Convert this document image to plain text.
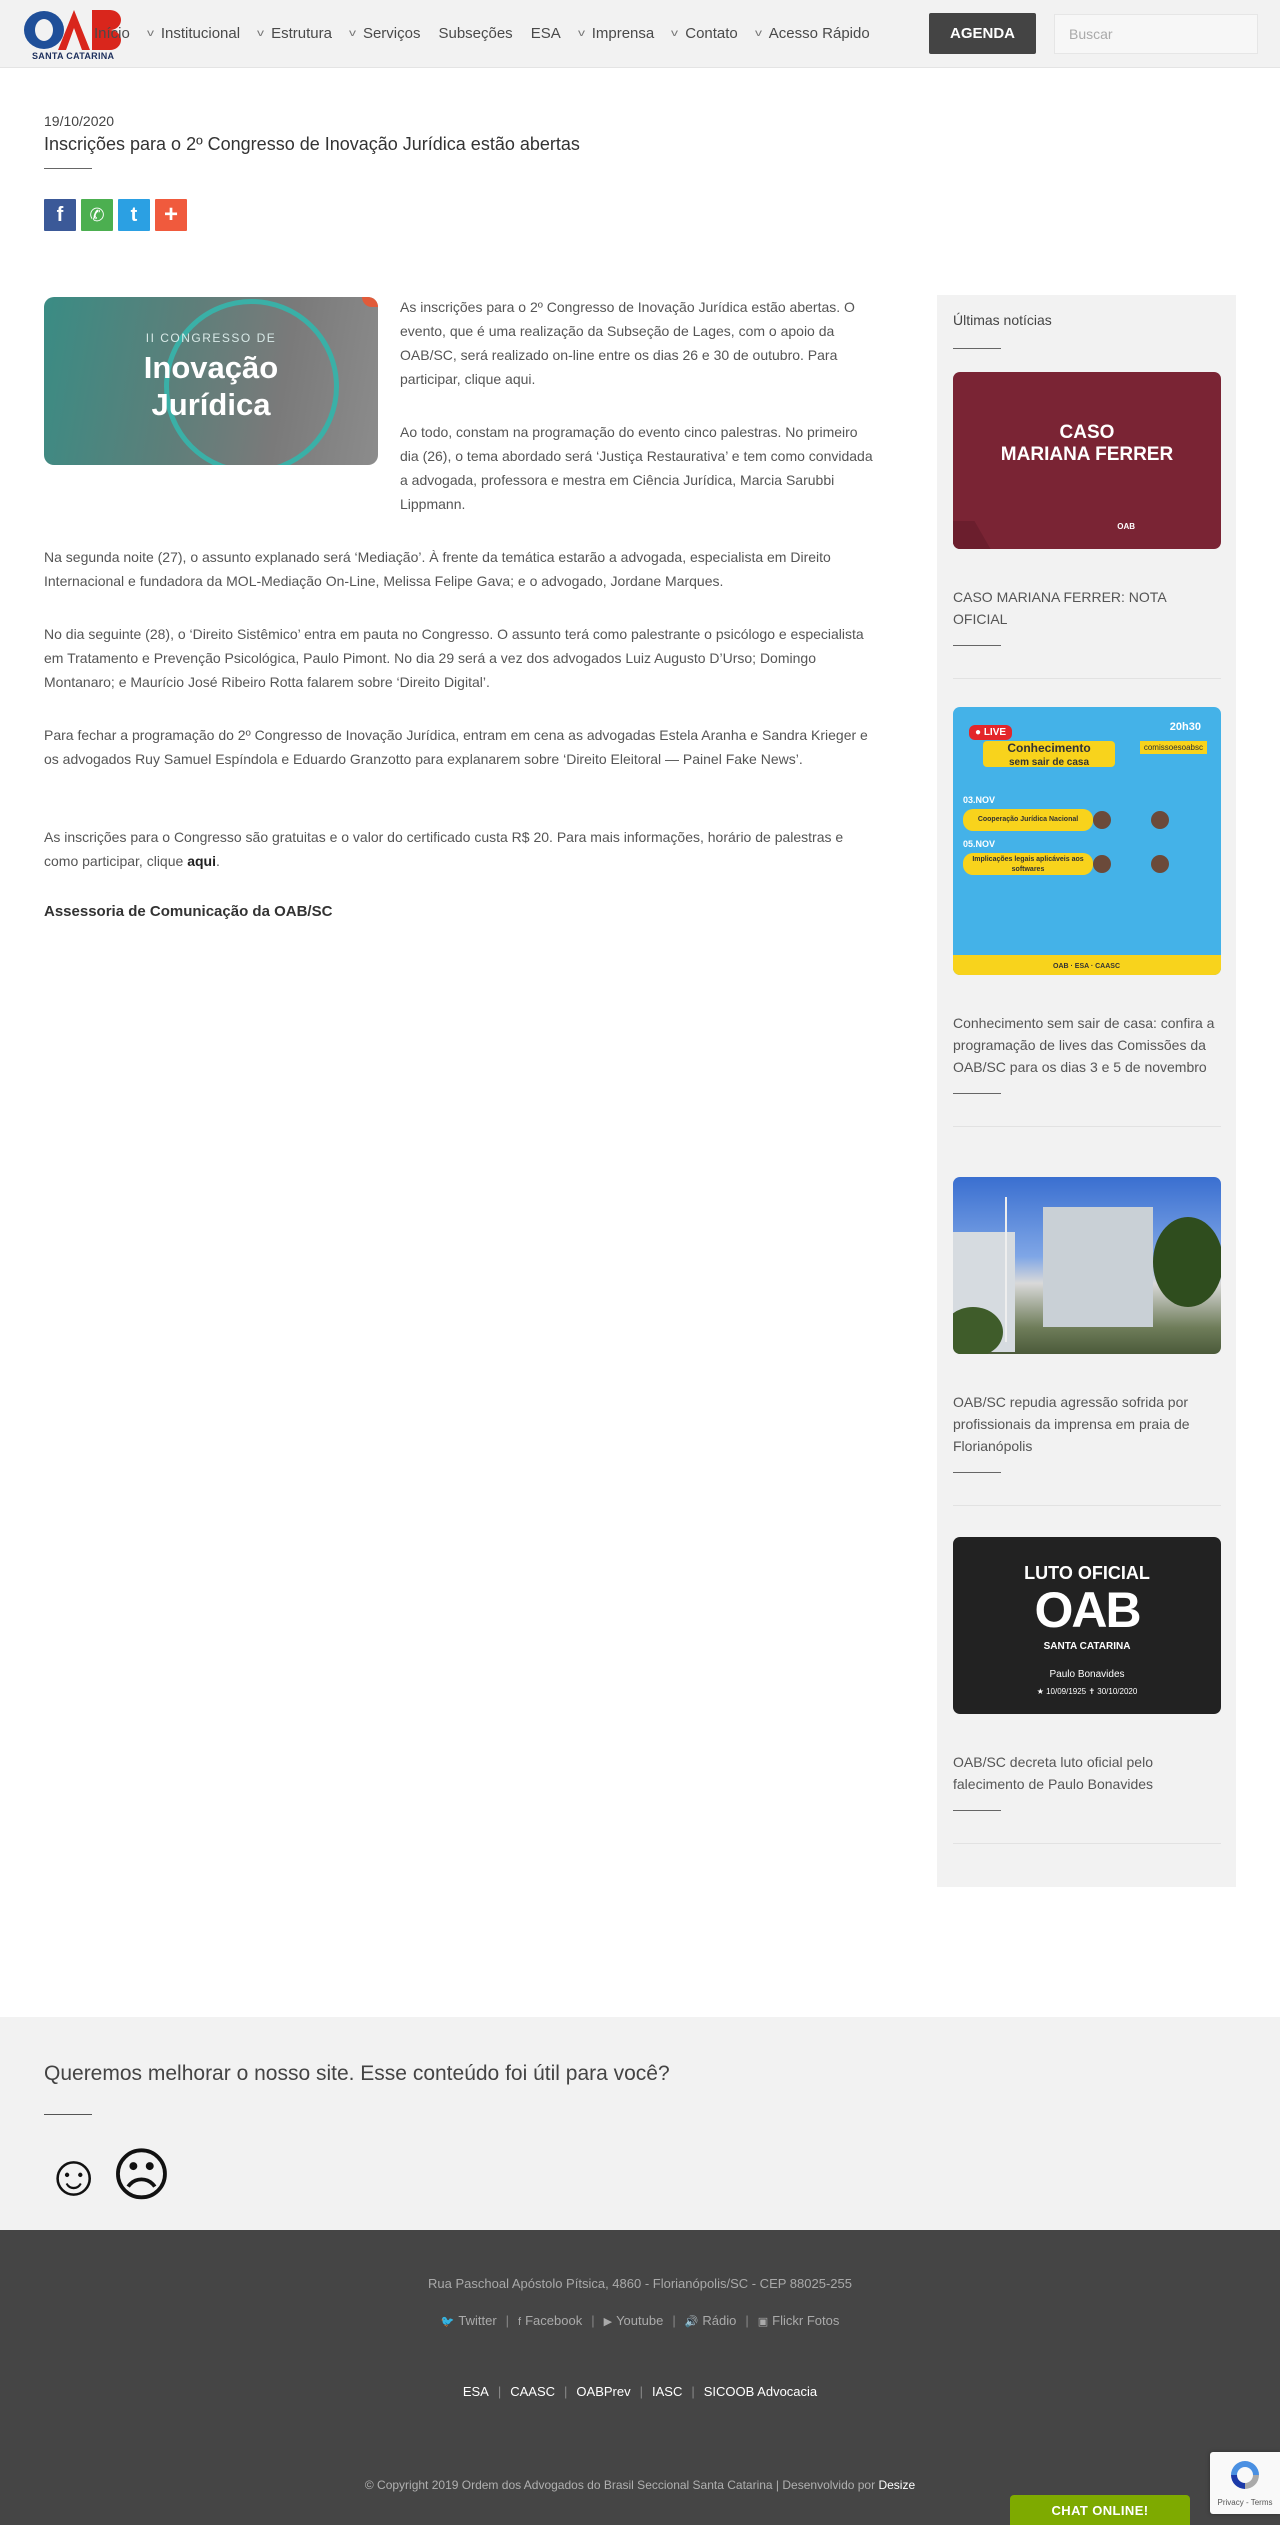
SANTA CATARINA
Início v Institucional v Estrutura v Serviços Subseções ESA v Imprensa v Contato v Acesso Rápido	AGENDA
Buscar
19/10/2020
Inscrições para o 2º Congresso de Inovação Jurídica estão abertas
f	✆	t	+
II CONGRESSO DE
Inovação
Jurídica
As inscrições para o 2º Congresso de Inovação Jurídica estão abertas. O evento, que é uma realização da Subseção de Lages, com o apoio da OAB/SC, será realizado on-line entre os dias 26 e 30 de outubro. Para participar, clique aqui.
Ao todo, constam na programação do evento cinco palestras. No primeiro dia (26), o tema abordado será ‘Justiça Restaurativa’ e tem como convidada a advogada, professora e mestra em Ciência Jurídica, Marcia Sarubbi Lippmann.
Na segunda noite (27), o assunto explanado será ‘Mediação’. À frente da temática estarão a advogada, especialista em Direito Internacional e fundadora da MOL-Mediação On-Line, Melissa Felipe Gava; e o advogado, Jordane Marques.
No dia seguinte (28), o ‘Direito Sistêmico’ entra em pauta no Congresso. O assunto terá como palestrante o psicólogo e especialista em Tratamento e Prevenção Psicológica, Paulo Pimont. No dia 29 será a vez dos advogados Luiz Augusto D’Urso; Domingo Montanaro; e Maurício José Ribeiro Rotta falarem sobre ‘Direito Digital’.
Para fechar a programação do 2º Congresso de Inovação Jurídica, entram em cena as advogadas Estela Aranha e Sandra Krieger e os advogados Ruy Samuel Espíndola e Eduardo Granzotto para explanarem sobre ‘Direito Eleitoral — Painel Fake News’.
As inscrições para o Congresso são gratuitas e o valor do certificado custa R$ 20. Para mais informações, horário de palestras e como participar, clique aqui.
Assessoria de Comunicação da OAB/SC
Últimas notícias
CASO
MARIANA FERRER
OAB
CASO MARIANA FERRER: NOTA OFICIAL
● LIVE
Conhecimento
sem sair de casa
20h30
comissoesoabsc
03.NOV
Cooperação Jurídica Nacional
05.NOV
Implicações legais aplicáveis aos softwares
OAB · ESA · CAASC
Conhecimento sem sair de casa: confira a programação de lives das Comissões da OAB/SC para os dias 3 e 5 de novembro
OAB/SC repudia agressão sofrida por profissionais da imprensa em praia de Florianópolis
LUTO OFICIAL
OAB
SANTA CATARINA
Paulo Bonavides
★ 10/09/1925 ✝ 30/10/2020
OAB/SC decreta luto oficial pelo falecimento de Paulo Bonavides
Queremos melhorar o nosso site. Esse conteúdo foi útil para você?
☺ ☹
Rua Paschoal Apóstolo Pítsica, 4860 - Florianópolis/SC - CEP 88025-255
🐦 Twitter | f Facebook | ▶ Youtube | 🔊 Rádio | ▣ Flickr Fotos
ESA | CAASC | OABPrev | IASC | SICOOB Advocacia
© Copyright 2019 Ordem dos Advogados do Brasil Seccional Santa Catarina | Desenvolvido por Desize
Privacy - Terms
CHAT ONLINE!
